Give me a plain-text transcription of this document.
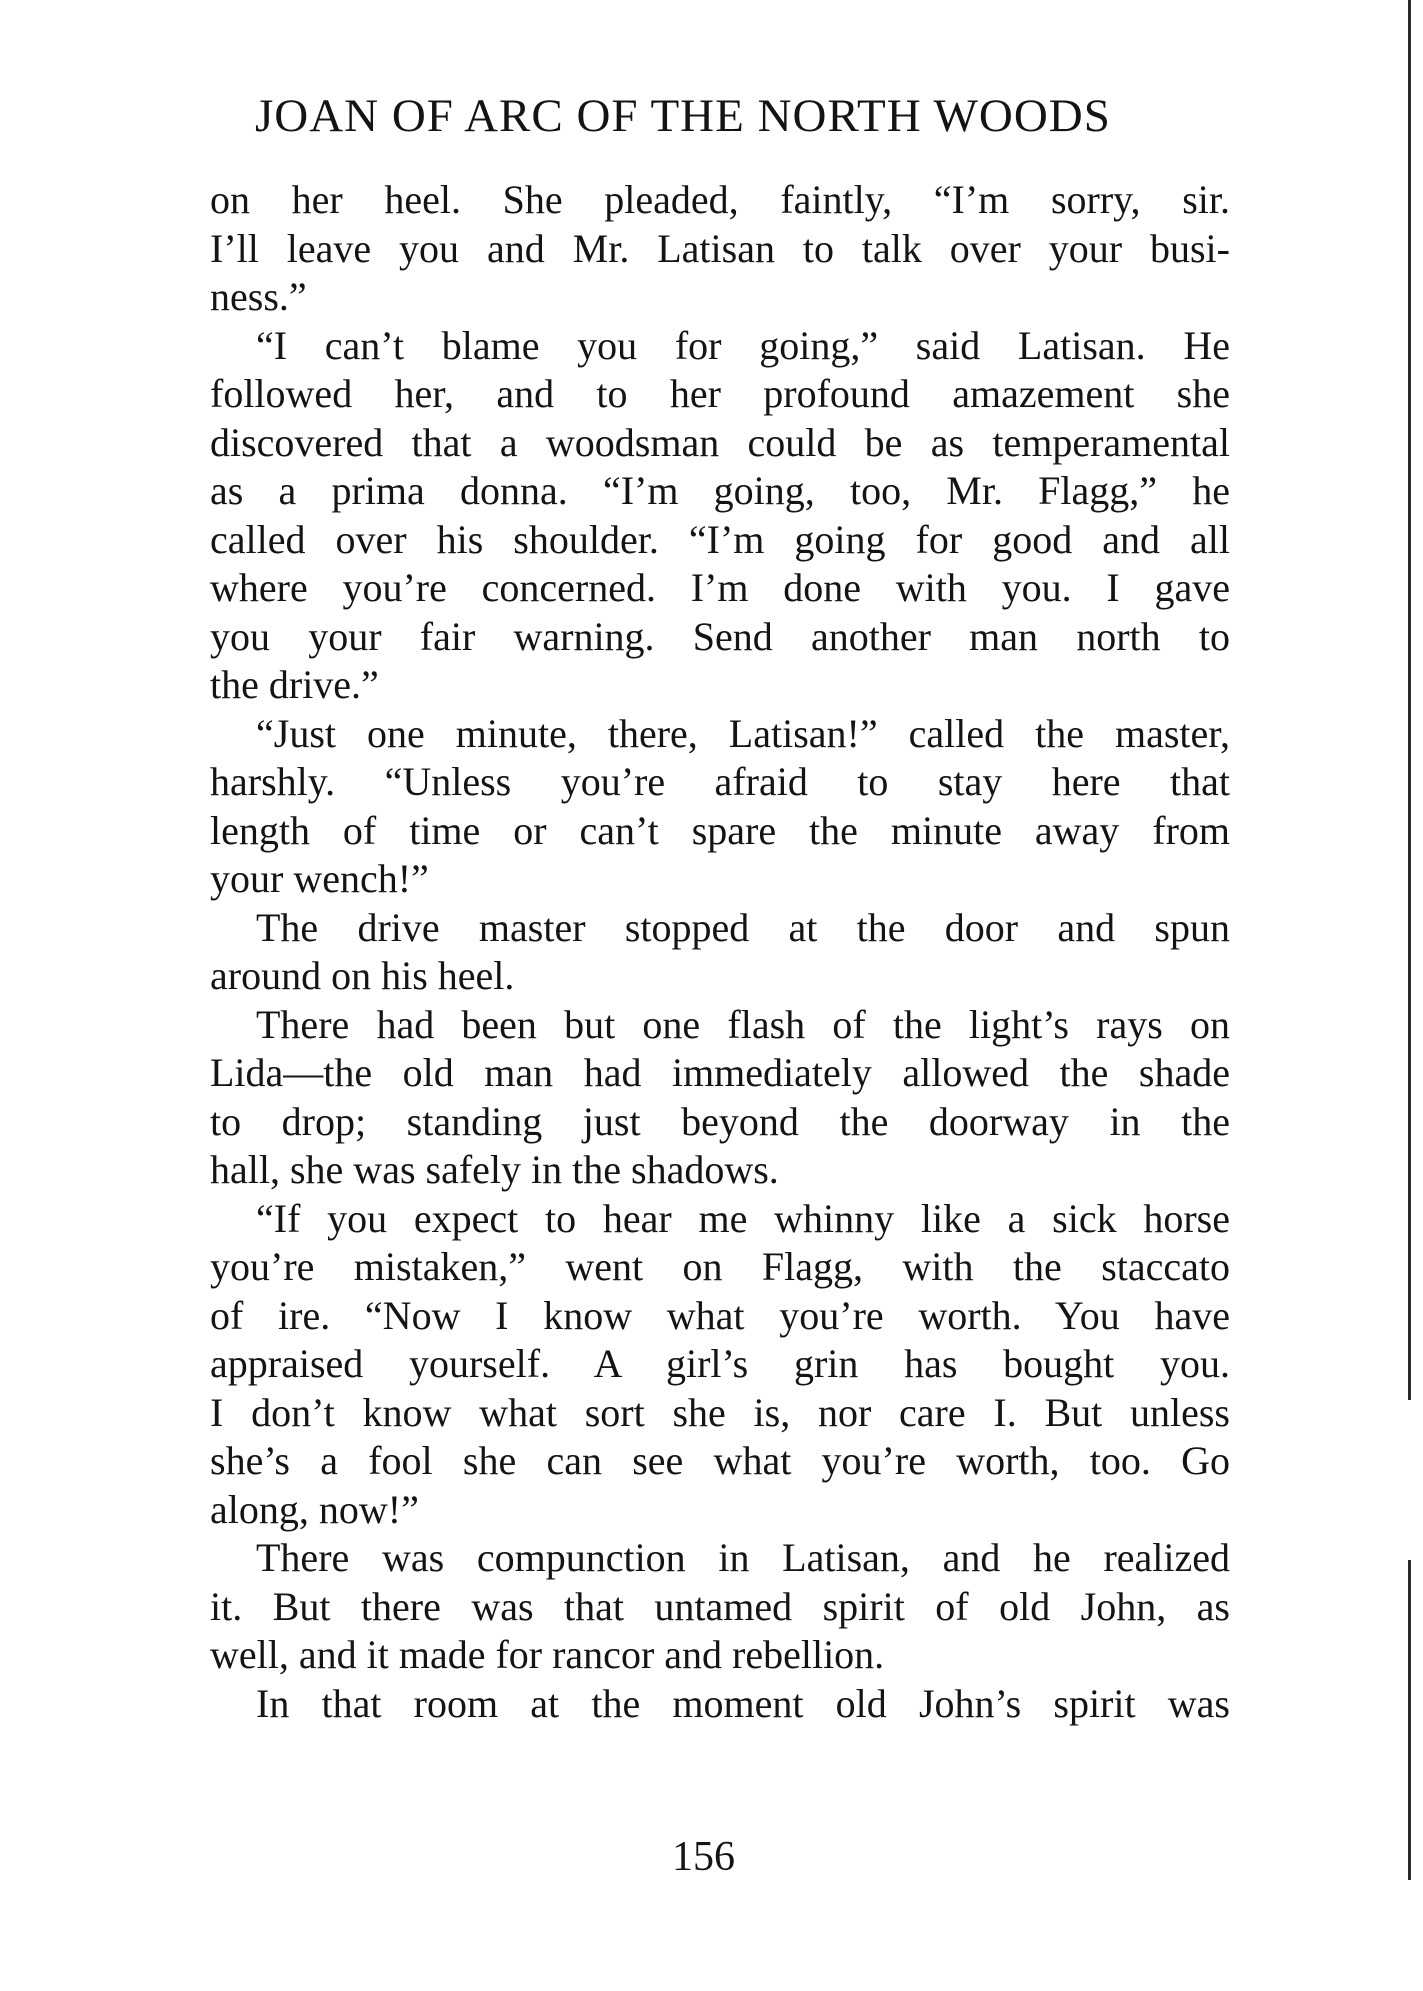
JOAN OF ARC OF THE NORTH WOODS
on her heel. She pleaded, faintly, “I’m sorry, sir.
I’ll leave you and Mr. Latisan to talk over your busi-
ness.”
“I can’t blame you for going,” said Latisan. He
followed her, and to her profound amazement she
discovered that a woodsman could be as temperamental
as a prima donna. “I’m going, too, Mr. Flagg,” he
called over his shoulder. “I’m going for good and all
where you’re concerned. I’m done with you. I gave
you your fair warning. Send another man north to
the drive.”
“Just one minute, there, Latisan!” called the master,
harshly. “Unless you’re afraid to stay here that
length of time or can’t spare the minute away from
your wench!”
The drive master stopped at the door and spun
around on his heel.
There had been but one flash of the light’s rays on
Lida—the old man had immediately allowed the shade
to drop; standing just beyond the doorway in the
hall, she was safely in the shadows.
“If you expect to hear me whinny like a sick horse
you’re mistaken,” went on Flagg, with the staccato
of ire. “Now I know what you’re worth. You have
appraised yourself. A girl’s grin has bought you.
I don’t know what sort she is, nor care I. But unless
she’s a fool she can see what you’re worth, too. Go
along, now!”
There was compunction in Latisan, and he realized
it. But there was that untamed spirit of old John, as
well, and it made for rancor and rebellion.
In that room at the moment old John’s spirit was
156
